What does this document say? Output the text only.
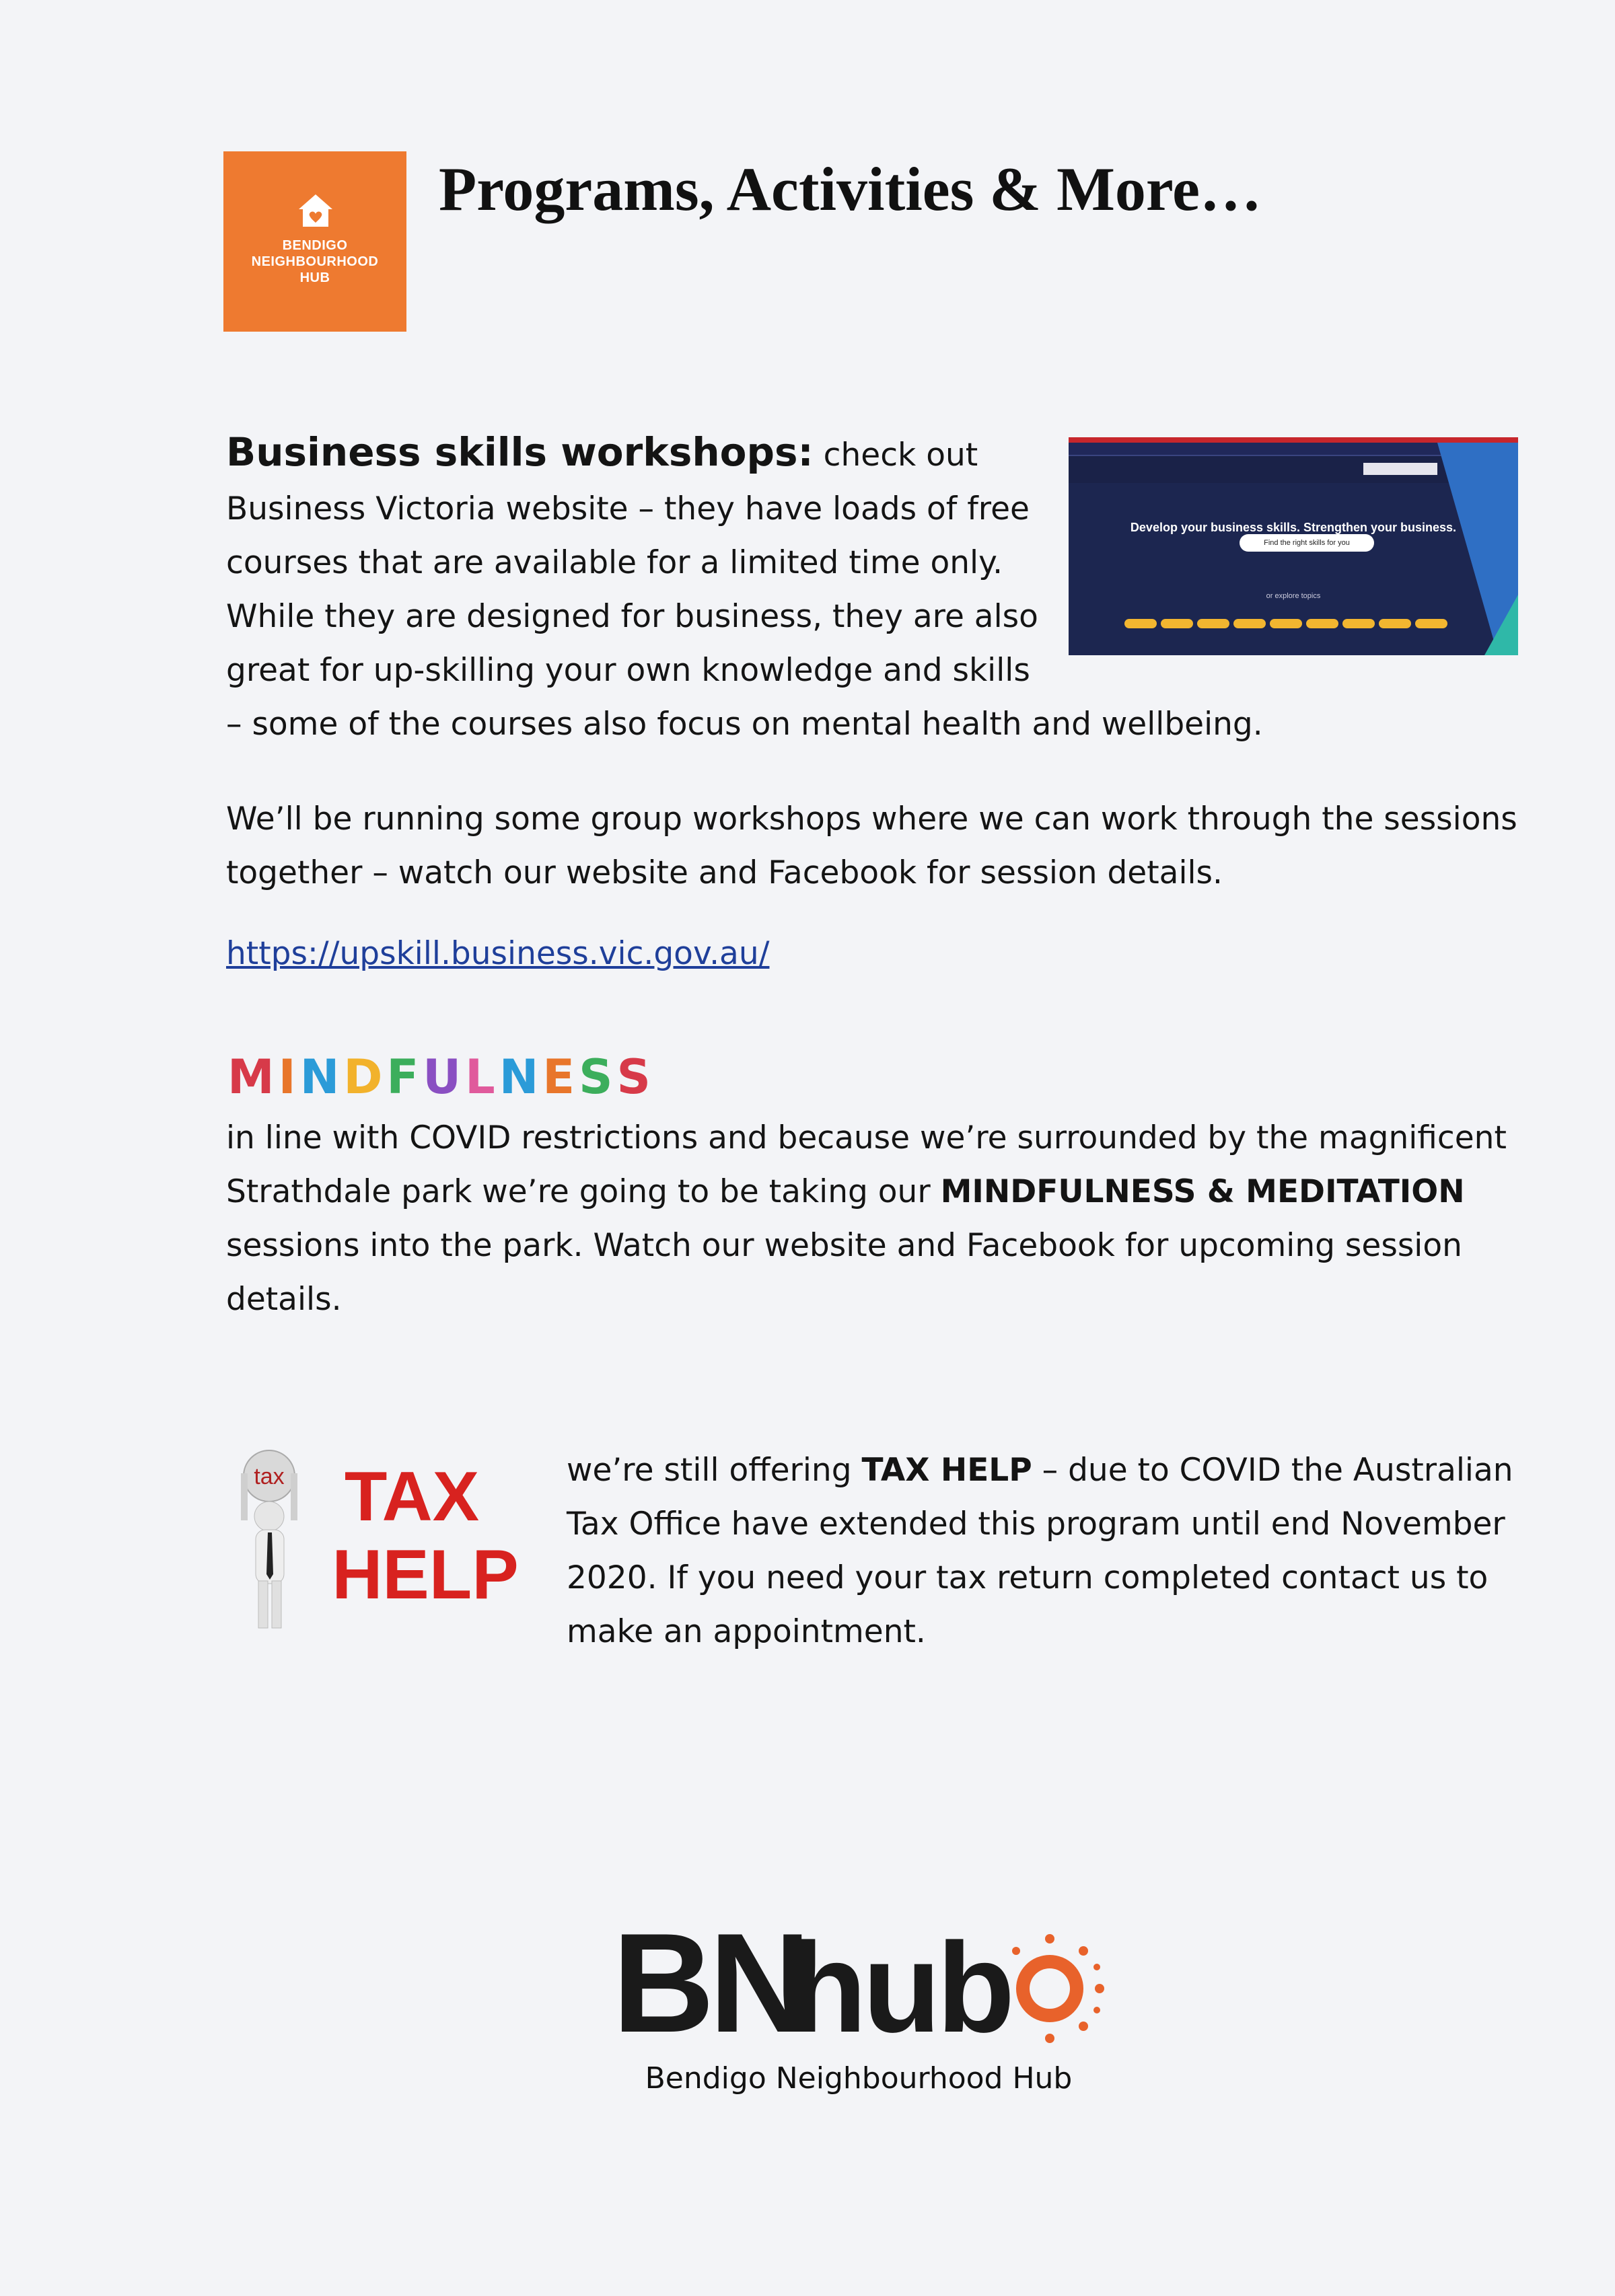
BENDIGO
NEIGHBOURHOOD
HUB
Programs, Activities & More…
Develop your business skills. Strengthen your business.
Find the right skills for you
or explore topics
Business skills workshops: check out Business Victoria website – they have loads of free courses that are available for a limited time only. While they are designed for business, they are also great for up-skilling your own knowledge and skills – some of the courses also focus on mental health and wellbeing.
We’ll be running some group workshops where we can work through the sessions together – watch our website and Facebook for session details.
https://upskill.business.vic.gov.au/
MINDFULNESS
in line with COVID restrictions and because we’re surrounded by the magnificent Strathdale park we’re going to be taking our MINDFULNESS & MEDITATION sessions into the park. Watch our website and Facebook for upcoming session details.
tax TAX
HELP
we’re still offering TAX HELP – due to COVID the Australian Tax Office have extended this program until end November 2020. If you need your tax return completed contact us to make an appointment.
BN
hub
Bendigo Neighbourhood Hub
